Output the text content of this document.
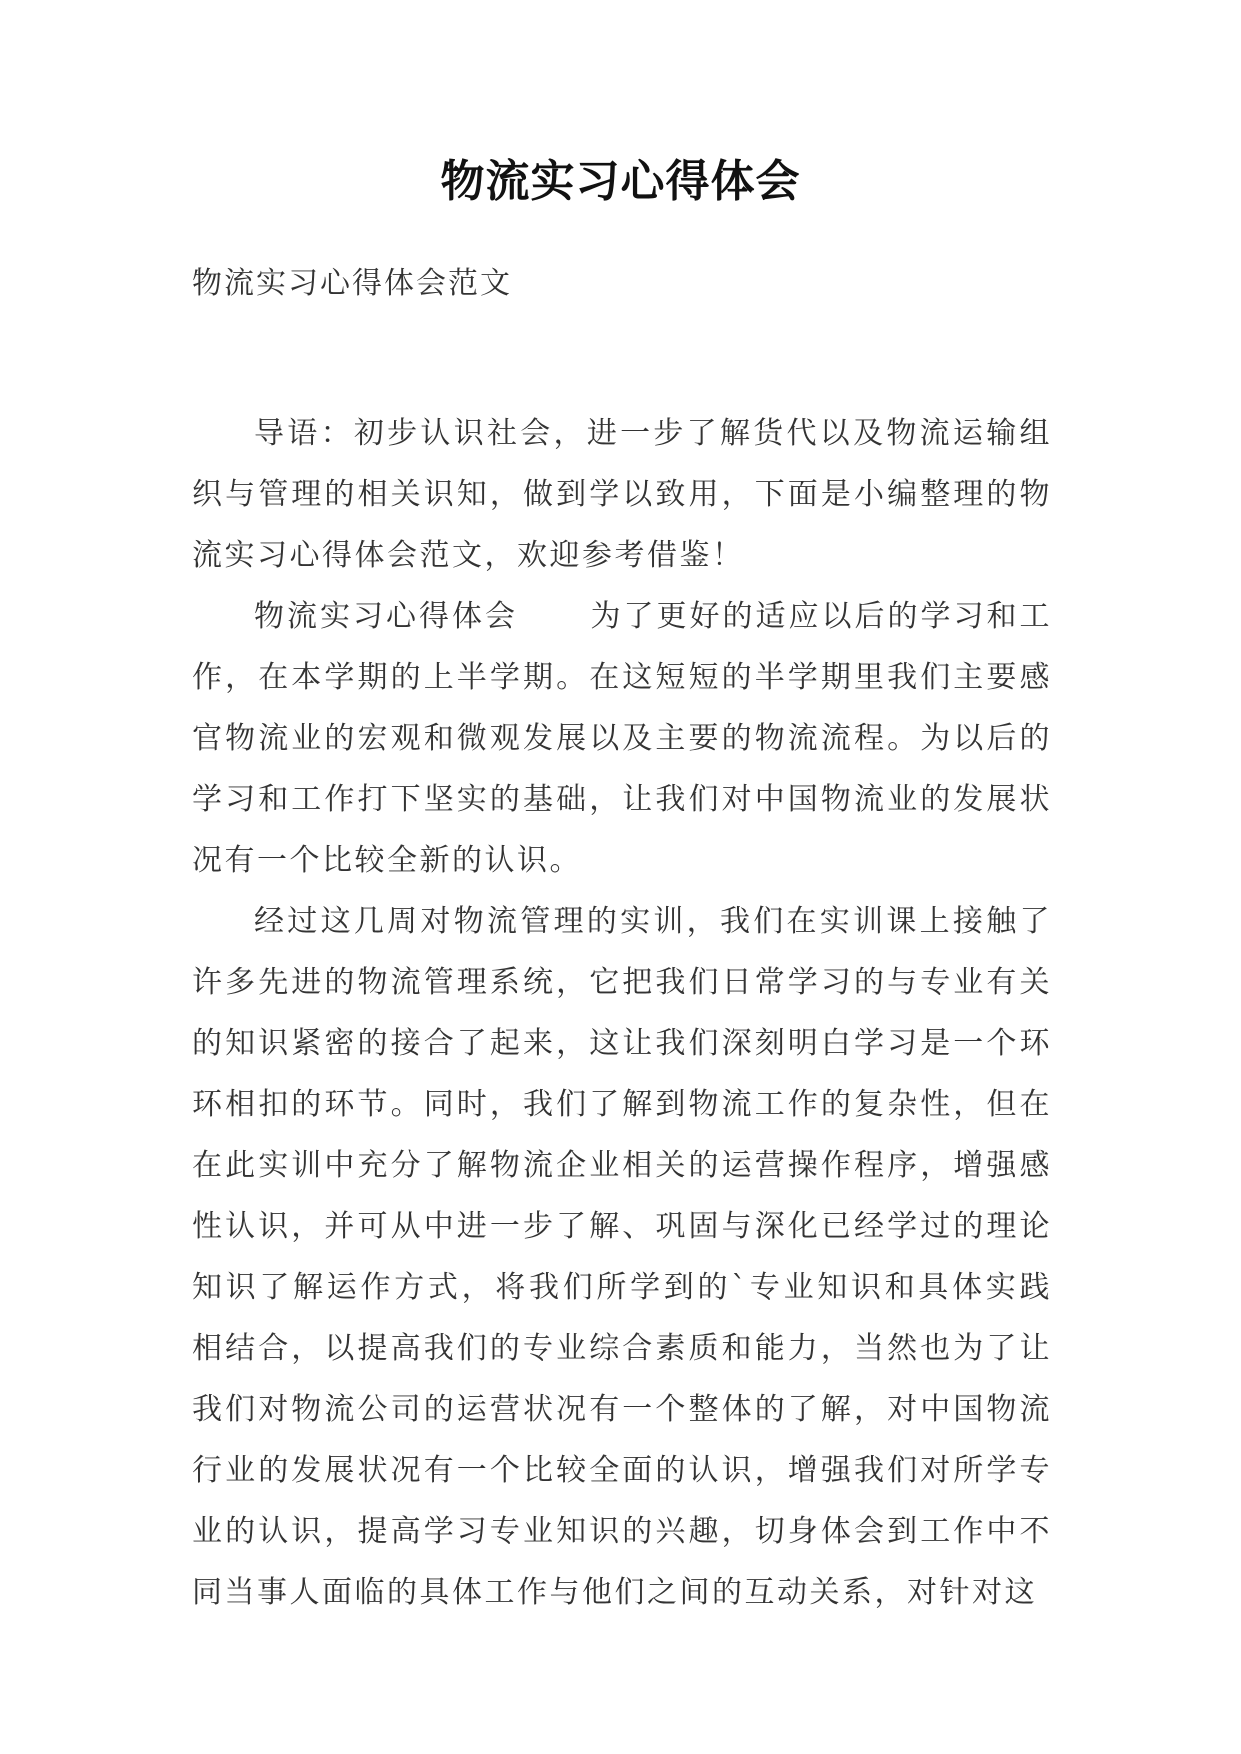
物流实习心得体会

物流实习心得体会范文

导语：初步认识社会，进一步了解货代以及物流运输组织与管理的相关识知，做到学以致用，下面是小编整理的物流实习心得体会范文，欢迎参考借鉴！

物流实习心得体会 为了更好的适应以后的学习和工作，在本学期的上半学期。在这短短的半学期里我们主要感官物流业的宏观和微观发展以及主要的物流流程。为以后的学习和工作打下坚实的基础，让我们对中国物流业的发展状况有一个比较全新的认识。

经过这几周对物流管理的实训，我们在实训课上接触了许多先进的物流管理系统，它把我们日常学习的与专业有关的知识紧密的接合了起来，这让我们深刻明白学习是一个环环相扣的环节。同时，我们了解到物流工作的复杂性，但在在此实训中充分了解物流企业相关的运营操作程序，增强感性认识，并可从中进一步了解、巩固与深化已经学过的理论知识了解运作方式，将我们所学到的`专业知识和具体实践相结合，以提高我们的专业综合素质和能力，当然也为了让我们对物流公司的运营状况有一个整体的了解，对中国物流行业的发展状况有一个比较全面的认识，增强我们对所学专业的认识，提高学习专业知识的兴趣，切身体会到工作中不同当事人面临的具体工作与他们之间的互动关系，对针对这
